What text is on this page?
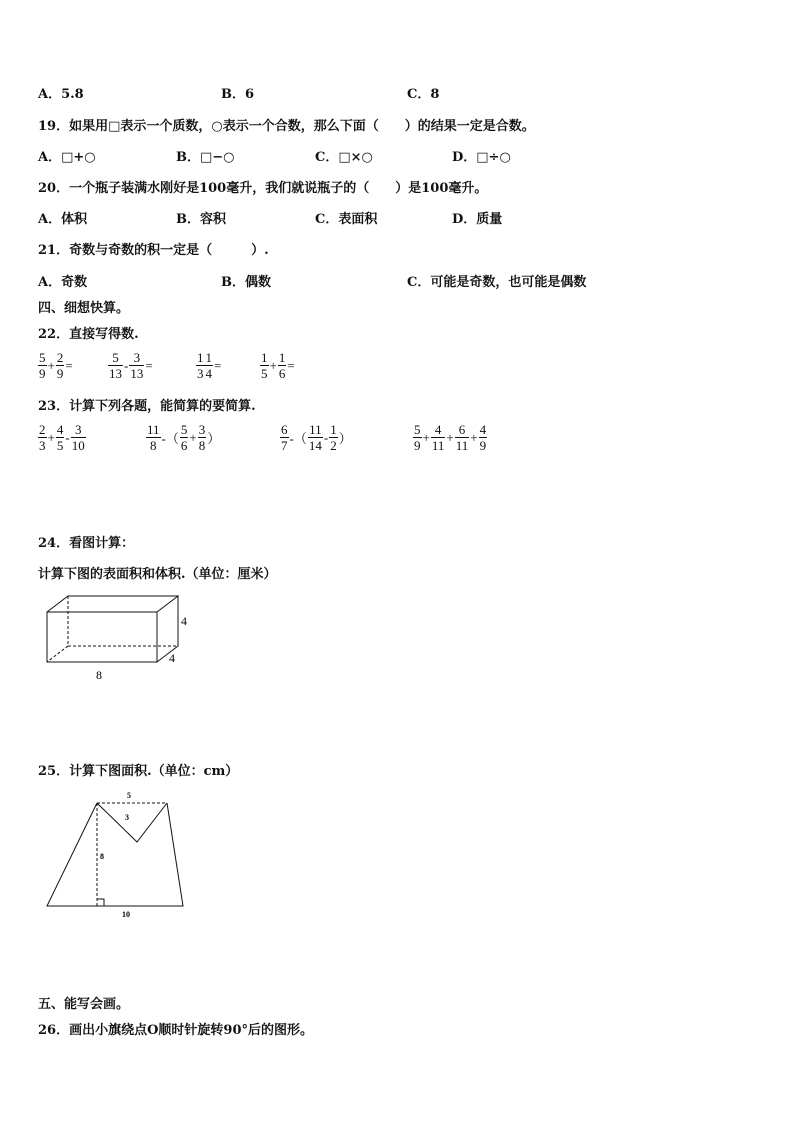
A．5.8	B．6	C．8
19．如果用□表示一个质数，○表示一个合数，那么下面（　　）的结果一定是合数。
A．□+○	B．□−○	C．□×○	D．□÷○
20．一个瓶子装满水刚好是100毫升，我们就说瓶子的（　　）是100毫升。
A．体积	B．容积	C．表面积	D．质量
21．奇数与奇数的积一定是（　　　）.
A．奇数	B．偶数	C．可能是奇数，也可能是偶数
四、细想快算。
22．直接写得数.
$\frac{5}{9} + \frac{2}{9}$ =	$\frac{5}{13} - \frac{3}{13}$ =	$\frac{1}{3} \frac{1}{4}$ =	$\frac{1}{5} + \frac{1}{6}$ =
23．计算下列各题，能简算的要简算.
$\frac{2}{3} + \frac{4}{5} - \frac{3}{10}$	$\frac{11}{8}$ -（ $\frac{5}{6} + \frac{3}{8}$ ）	$\frac{6}{7}$ -（ $\frac{11}{14} - \frac{1}{2}$ ）	$\frac{5}{9} + \frac{4}{11} + \frac{6}{11} + \frac{4}{9}$
24．看图计算：
计算下图的表面积和体积.（单位：厘米）
4
4
8
25．计算下图面积.（单位：cm）
5
3
8
10
五、能写会画。
26．画出小旗绕点O顺时针旋转90°后的图形。
